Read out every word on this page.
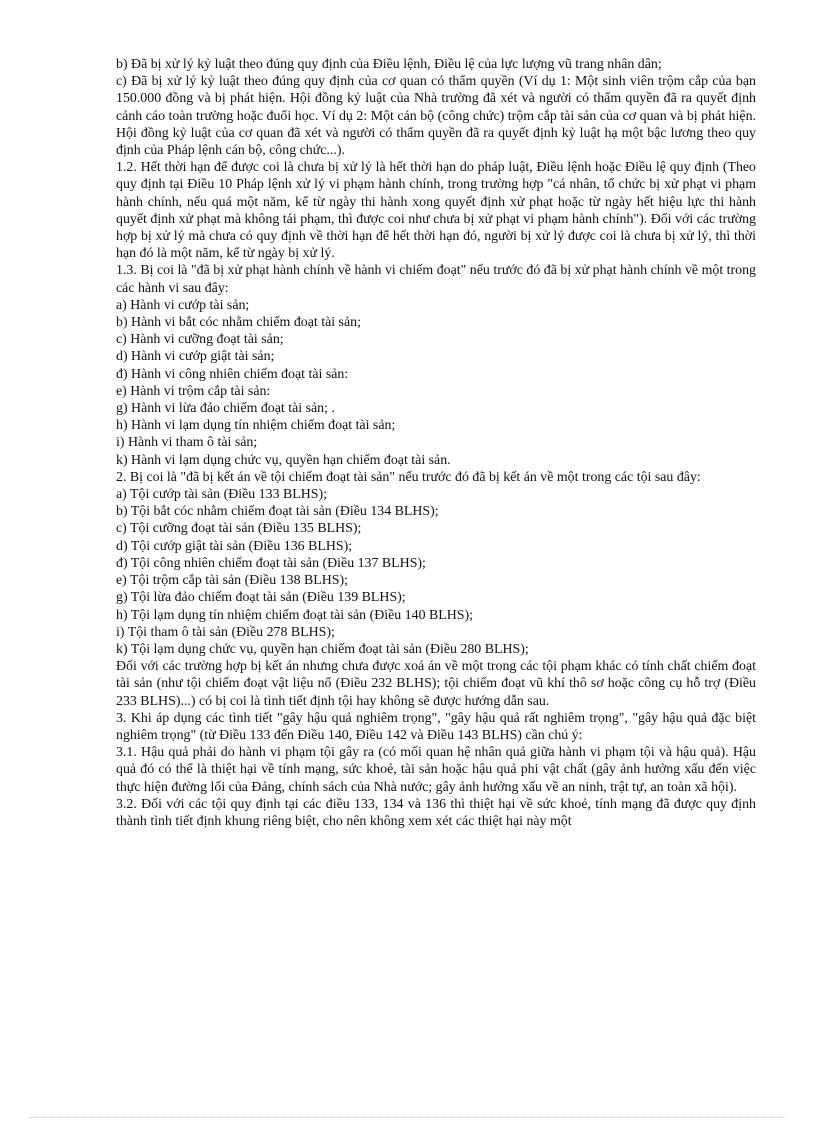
b) Đã bị xử lý kỷ luật theo đúng quy định của Điều lệnh, Điều lệ của lực lượng vũ trang nhân dân;

c) Đã bị xử lý kỷ luật theo đúng quy định của cơ quan có thẩm quyền (Ví dụ 1: Một sinh viên trộm cắp của bạn 150.000 đồng và bị phát hiện. Hội đồng kỷ luật của Nhà trường đã xét và người có thẩm quyền đã ra quyết định cảnh cáo toàn trường hoặc đuổi học. Ví dụ 2: Một cán bộ (công chức) trộm cắp tài sản của cơ quan và bị phát hiện. Hội đồng kỷ luật của cơ quan đã xét và người có thẩm quyền đã ra quyết định kỷ luật hạ một bậc lương theo quy định của Pháp lệnh cán bộ, công chức...).

1.2. Hết thời hạn để được coi là chưa bị xử lý là hết thời hạn do pháp luật, Điều lệnh hoặc Điều lệ quy định (Theo quy định tại Điều 10 Pháp lệnh xử lý vi phạm hành chính, trong trường hợp "cá nhân, tổ chức bị xử phạt vi phạm hành chính, nếu quá một năm, kể từ ngày thi hành xong quyết định xử phạt hoặc từ ngày hết hiệu lực thi hành quyết định xử phạt mà không tái phạm, thì được coi như chưa bị xử phạt vi phạm hành chính"). Đối với các trường hợp bị xử lý mà chưa có quy định về thời hạn để hết thời hạn đó, người bị xử lý được coi là chưa bị xử lý, thì thời hạn đó là một năm, kể từ ngày bị xử lý.

1.3. Bị coi là "đã bị xử phạt hành chính về hành vi chiếm đoạt" nếu trước đó đã bị xử phạt hành chính về một trong các hành vi sau đây:

a) Hành vi cướp tài sản;

b) Hành vi bắt cóc nhằm chiếm đoạt tài sản;

c) Hành vi cưỡng đoạt tài sản;

d) Hành vi cướp giật tài sản;

đ) Hành vi công nhiên chiếm đoạt tài sản:

e) Hành vi trộm cắp tài sản:

g) Hành vi lừa đảo chiếm đoạt tài sản; .

h) Hành vi lạm dụng tín nhiệm chiếm đoạt tài sản;

i) Hành vi tham ô tài sản;

k) Hành vi lạm dụng chức vụ, quyền hạn chiếm đoạt tài sản.

2. Bị coi là "đã bị kết án về tội chiếm đoạt tài sản" nếu trước đó đã bị kết án về một trong các tội sau đây:

a) Tội cướp tài sản (Điều 133 BLHS);

b) Tội bắt cóc nhằm chiếm đoạt tài sản (Điều 134 BLHS);

c) Tội cưỡng đoạt tài sản (Điều 135 BLHS);

d) Tội cướp giật tài sản (Điều 136 BLHS);

đ) Tội công nhiên chiếm đoạt tài sản (Điều 137 BLHS);

e) Tội trộm cắp tài sản (Điều 138 BLHS);

g) Tội lừa đảo chiếm đoạt tài sản (Điều 139 BLHS);

h) Tội lạm dụng tín nhiệm chiếm đoạt tài sản (Điều 140 BLHS);

i) Tội tham ô tài sản (Điều 278 BLHS);

k) Tội lạm dụng chức vụ, quyền hạn chiếm đoạt tài sản (Điều 280 BLHS);

Đối với các trường hợp bị kết án nhưng chưa được xoá án về một trong các tội phạm khác có tính chất chiếm đoạt tài sản (như tội chiếm đoạt vật liệu nổ (Điều 232 BLHS); tội chiếm đoạt vũ khí thô sơ hoặc công cụ hỗ trợ (Điều 233 BLHS)...) có bị coi là tình tiết định tội hay không sẽ được hướng dẫn sau.

3. Khi áp dụng các tình tiết "gây hậu quả nghiêm trọng", "gây hậu quả rất nghiêm trọng", "gây hậu quả đặc biệt nghiêm trọng" (từ Điều 133 đến Điều 140, Điều 142 và Điều 143 BLHS) cần chú ý:

3.1. Hậu quả phải do hành vi phạm tội gây ra (có mối quan hệ nhân quả giữa hành vi phạm tội và hậu quả). Hậu quả đó có thể là thiệt hại về tính mạng, sức khoẻ, tài sản hoặc hậu quả phi vật chất (gây ảnh hưởng xấu đến việc thực hiện đường lối của Đảng, chính sách của Nhà nước; gây ảnh hưởng xấu về an ninh, trật tự, an toàn xã hội).

3.2. Đối với các tội quy định tại các điều 133, 134 và 136 thì thiệt hại về sức khoẻ, tính mạng đã được quy định thành tình tiết định khung riêng biệt, cho nên không xem xét các thiệt hại này một
